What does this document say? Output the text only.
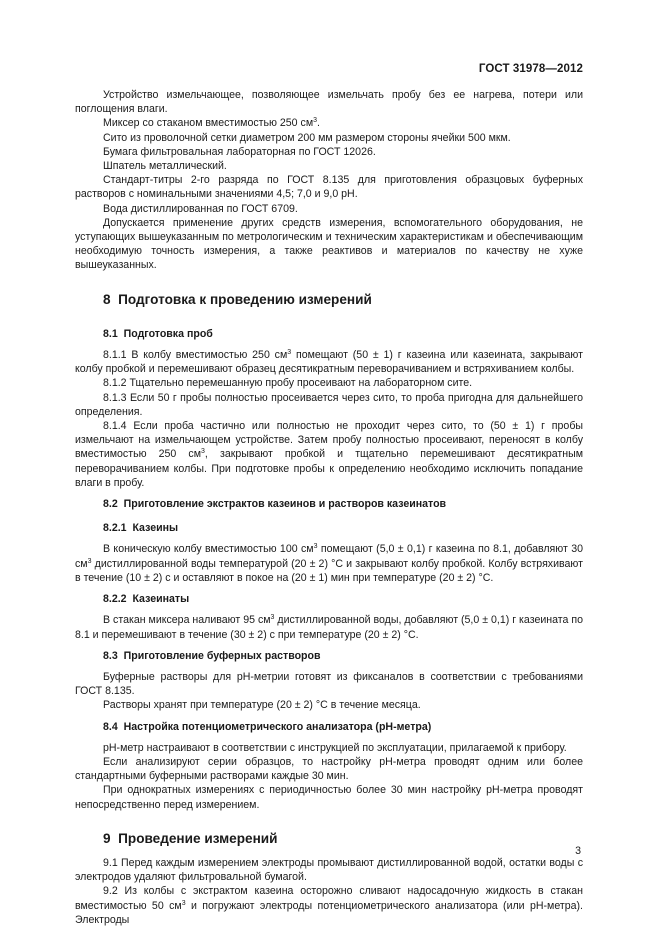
ГОСТ 31978—2012

Устройство измельчающее, позволяющее измельчать пробу без ее нагрева, потери или поглощения влаги.

Миксер со стаканом вместимостью 250 $см^3$.

Сито из проволочной сетки диаметром 200 мм размером стороны ячейки 500 мкм.

Бумага фильтровальная лабораторная по ГОСТ 12026.

Шпатель металлический.

Стандарт-титры 2-го разряда по ГОСТ 8.135 для приготовления образцовых буферных растворов с номинальными значениями 4,5; 7,0 и 9,0 рН.

Вода дистиллированная по ГОСТ 6709.

Допускается применение других средств измерения, вспомогательного оборудования, не уступающих вышеуказанным по метрологическим и техническим характеристикам и обеспечивающим необходимую точность измерения, а также реактивов и материалов по качеству не хуже вышеуказанных.

8 Подготовка к проведению измерений

8.1 Подготовка проб

8.1.1 В колбу вместимостью 250 $см^3$ помещают (50 ± 1) г казеина или казеината, закрывают колбу пробкой и перемешивают образец десятикратным переворачиванием и встряхиванием колбы.

8.1.2 Тщательно перемешанную пробу просеивают на лабораторном сите.

8.1.3 Если 50 г пробы полностью просеивается через сито, то проба пригодна для дальнейшего определения.

8.1.4 Если проба частично или полностью не проходит через сито, то (50 ± 1) г пробы измельчают на измельчающем устройстве. Затем пробу полностью просеивают, переносят в колбу вместимостью 250 $см^3$, закрывают пробкой и тщательно перемешивают десятикратным переворачиванием колбы. При подготовке пробы к определению необходимо исключить попадание влаги в пробу.

8.2 Приготовление экстрактов казеинов и растворов казеинатов

8.2.1 Казеины

В коническую колбу вместимостью 100 $см^3$ помещают (5,0 ± 0,1) г казеина по 8.1, добавляют 30 $см^3$ дистиллированной воды температурой (20 ± 2) °С и закрывают колбу пробкой. Колбу встряхивают в течение (10 ± 2) с и оставляют в покое на (20 ± 1) мин при температуре (20 ± 2) °С.

8.2.2 Казеинаты

В стакан миксера наливают 95 $см^3$ дистиллированной воды, добавляют (5,0 ± 0,1) г казеината по 8.1 и перемешивают в течение (30 ± 2) с при температуре (20 ± 2) °С.

8.3 Приготовление буферных растворов

Буферные растворы для рН-метрии готовят из фиксаналов в соответствии с требованиями ГОСТ 8.135.

Растворы хранят при температуре (20 ± 2) °С в течение месяца.

8.4 Настройка потенциометрического анализатора (рН-метра)

рН-метр настраивают в соответствии с инструкцией по эксплуатации, прилагаемой к прибору.

Если анализируют серии образцов, то настройку рН-метра проводят одним или более стандартными буферными растворами каждые 30 мин.

При однократных измерениях с периодичностью более 30 мин настройку рН-метра проводят непосредственно перед измерением.

9 Проведение измерений

9.1 Перед каждым измерением электроды промывают дистиллированной водой, остатки воды с электродов удаляют фильтровальной бумагой.

9.2 Из колбы с экстрактом казеина осторожно сливают надосадочную жидкость в стакан вместимостью 50 $см^3$ и погружают электроды потенциометрического анализатора (или рН-метра). Электроды

3
